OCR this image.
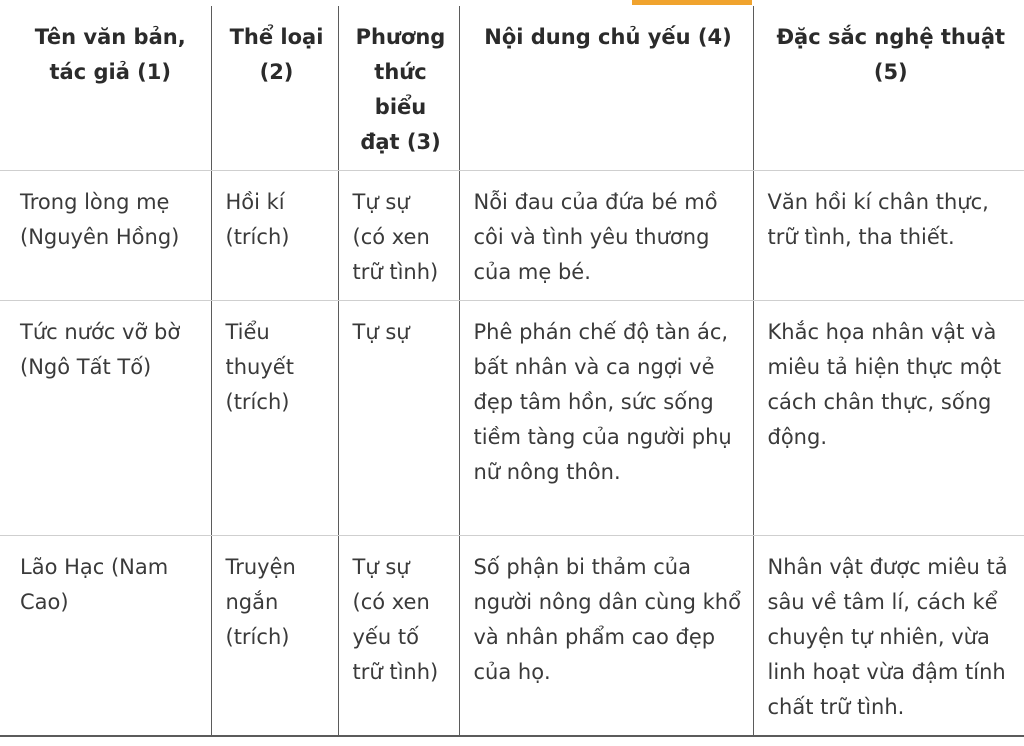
Tên văn bản, tác giả (1)	Thể loại (2)	Phương thức biểu đạt (3)	Nội dung chủ yếu (4)	Đặc sắc nghệ thuật (5)
Trong lòng mẹ (Nguyên Hồng)	Hồi kí (trích)	Tự sự (có xen trữ tình)	Nỗi đau của đứa bé mồ côi và tình yêu thương của mẹ bé.	Văn hồi kí chân thực, trữ tình, tha thiết.
Tức nước vỡ bờ (Ngô Tất Tố)	Tiểu thuyết (trích)	Tự sự	Phê phán chế độ tàn ác, bất nhân và ca ngợi vẻ đẹp tâm hồn, sức sống tiềm tàng của người phụ nữ nông thôn.	Khắc họa nhân vật và miêu tả hiện thực một cách chân thực, sống động.
Lão Hạc (Nam Cao)	Truyện ngắn (trích)	Tự sự (có xen yếu tố trữ tình)	Số phận bi thảm của người nông dân cùng khổ và nhân phẩm cao đẹp của họ.	Nhân vật được miêu tả sâu về tâm lí, cách kể chuyện tự nhiên, vừa linh hoạt vừa đậm tính chất trữ tình.
